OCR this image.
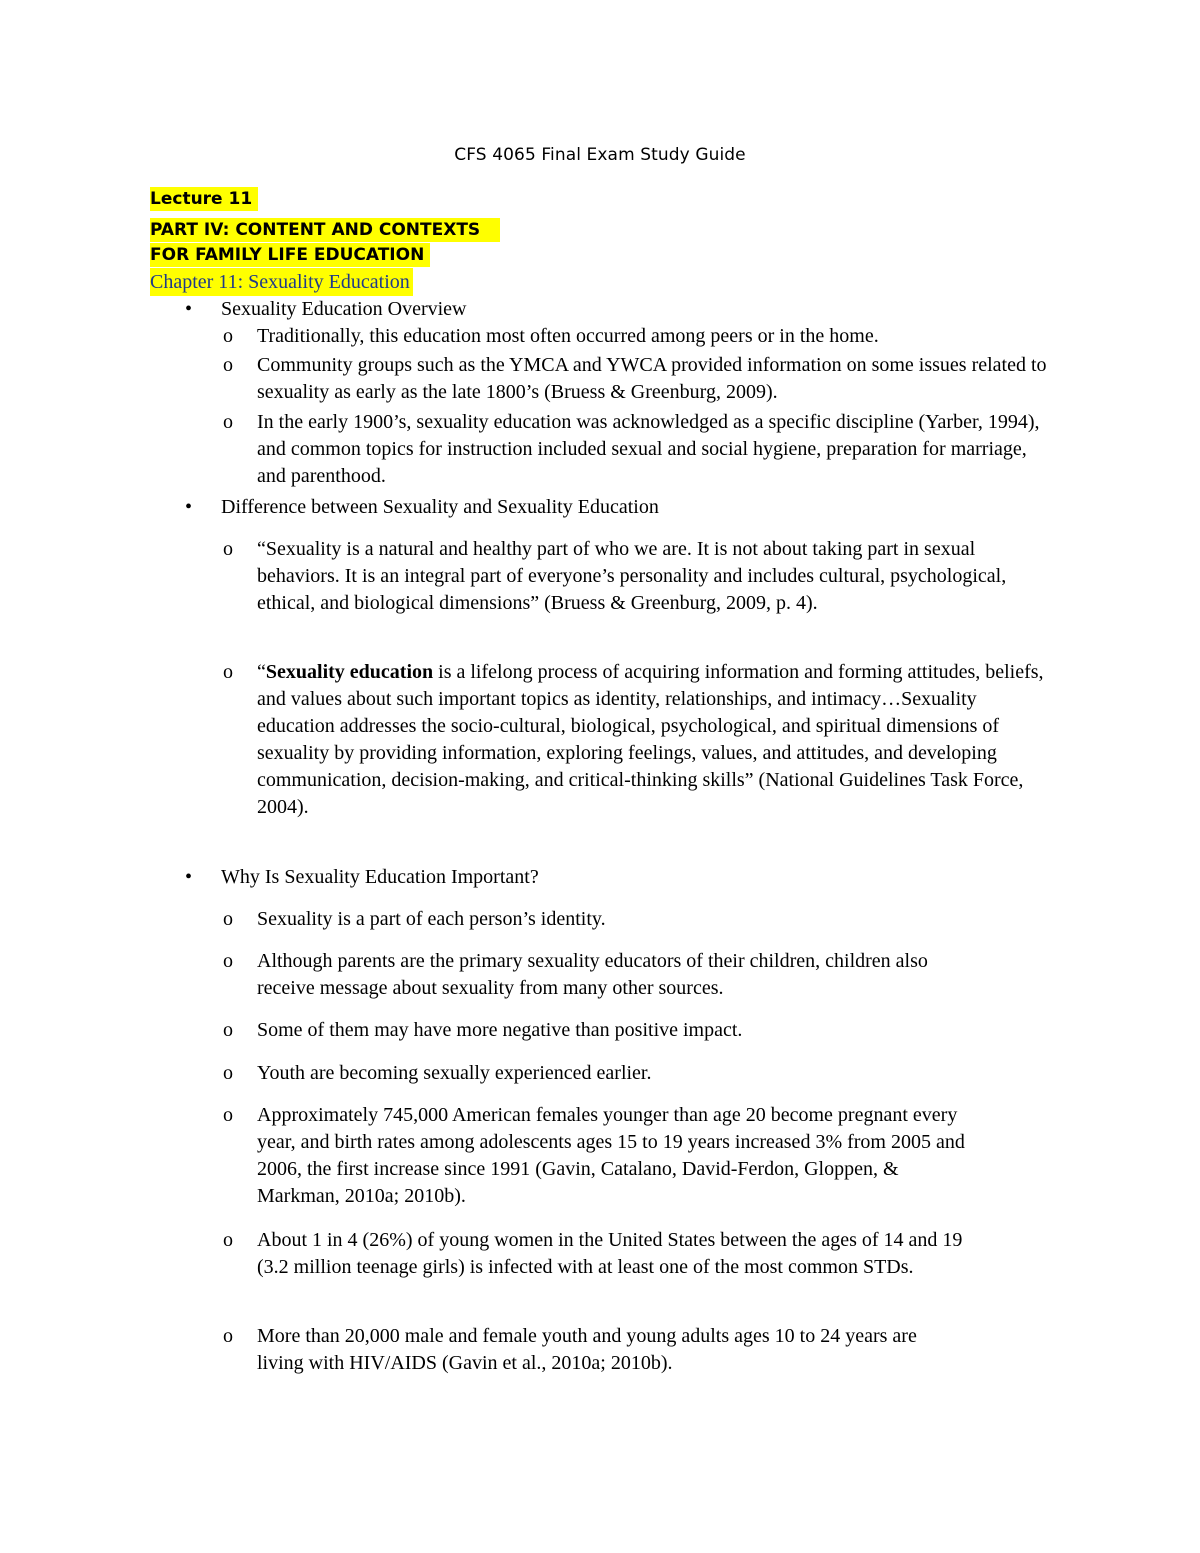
CFS 4065 Final Exam Study Guide
Lecture 11
PART IV: CONTENT AND CONTEXTS
FOR FAMILY LIFE EDUCATION
Chapter 11: Sexuality Education
• Sexuality Education Overview
o Traditionally, this education most often occurred among peers or in the home.
o Community groups such as the YMCA and YWCA provided information on some issues related to sexuality as early as the late 1800’s (Bruess & Greenburg, 2009).
o In the early 1900’s, sexuality education was acknowledged as a specific discipline (Yarber, 1994), and common topics for instruction included sexual and social hygiene, preparation for marriage, and parenthood.
• Difference between Sexuality and Sexuality Education
o “Sexuality is a natural and healthy part of who we are. It is not about taking part in sexual behaviors. It is an integral part of everyone’s personality and includes cultural, psychological, ethical, and biological dimensions” (Bruess & Greenburg, 2009, p. 4).
o “Sexuality education is a lifelong process of acquiring information and forming attitudes, beliefs, and values about such important topics as identity, relationships, and intimacy…Sexuality education addresses the socio-cultural, biological, psychological, and spiritual dimensions of sexuality by providing information, exploring feelings, values, and attitudes, and developing communication, decision-making, and critical-thinking skills” (National Guidelines Task Force, 2004).
• Why Is Sexuality Education Important?
o Sexuality is a part of each person’s identity.
o Although parents are the primary sexuality educators of their children, children also receive message about sexuality from many other sources.
o Some of them may have more negative than positive impact.
o Youth are becoming sexually experienced earlier.
o Approximately 745,000 American females younger than age 20 become pregnant every year, and birth rates among adolescents ages 15 to 19 years increased 3% from 2005 and 2006, the first increase since 1991 (Gavin, Catalano, David-Ferdon, Gloppen, & Markman, 2010a; 2010b).
o About 1 in 4 (26%) of young women in the United States between the ages of 14 and 19 (3.2 million teenage girls) is infected with at least one of the most common STDs.
o More than 20,000 male and female youth and young adults ages 10 to 24 years are living with HIV/AIDS (Gavin et al., 2010a; 2010b).
